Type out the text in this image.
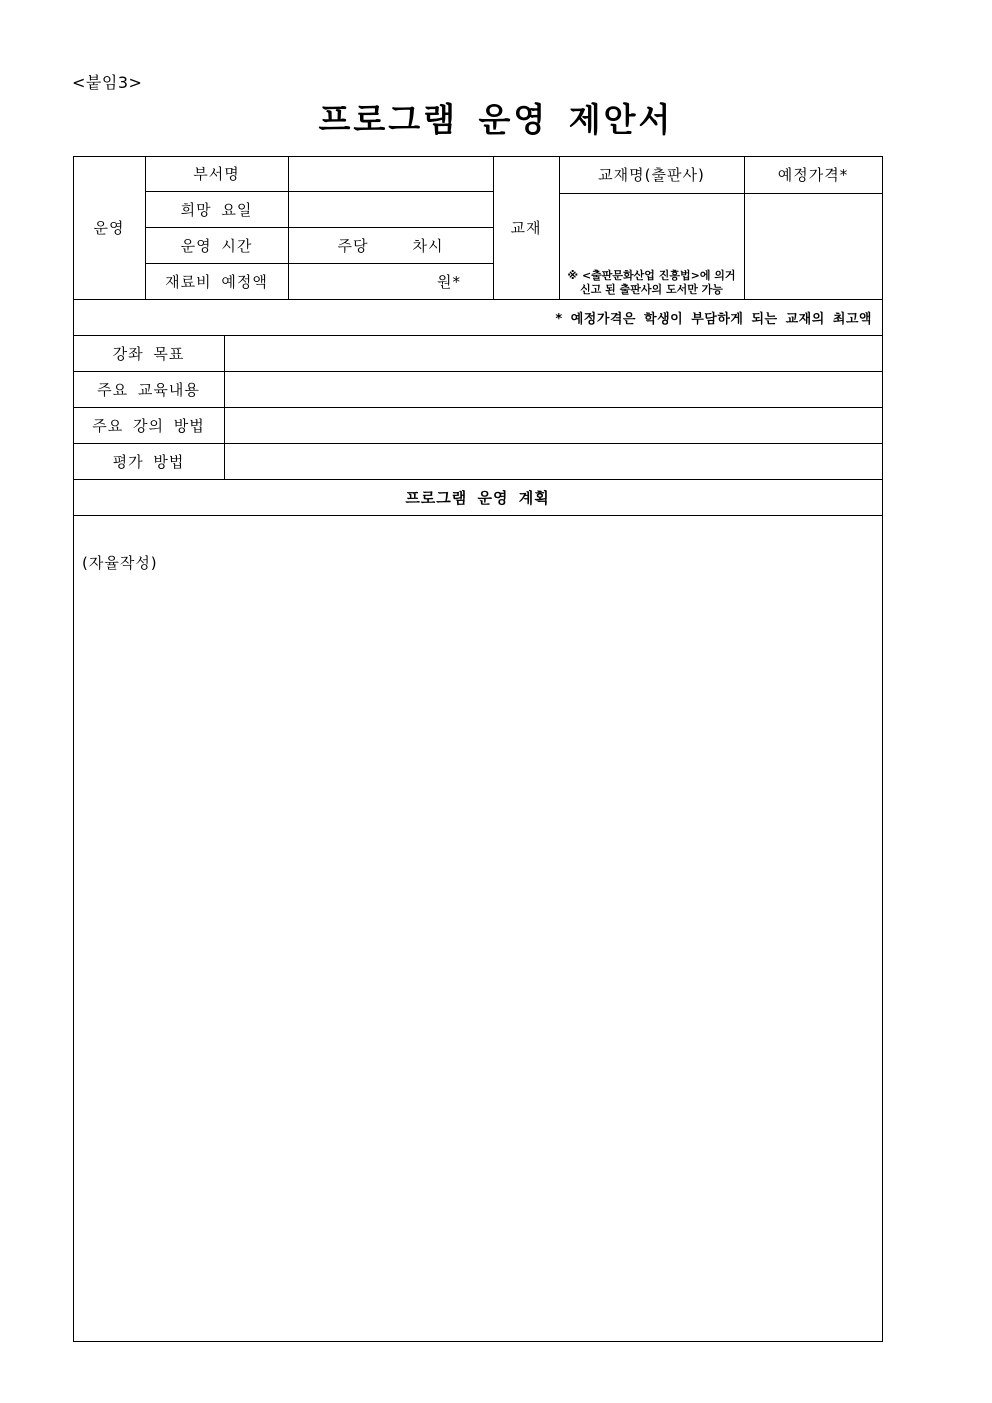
<붙임3>
프로그램 운영 제안서
운영
부서명
희망 요일
운영 시간	주당	차시
재료비 예정액	원*
교재
교재명(출판사)	예정가격*
※ <출판문화산업 진흥법>에 의거
신고 된 출판사의 도서만 가능
* 예정가격은 학생이 부담하게 되는 교재의 최고액
강좌 목표
주요 교육내용
주요 강의 방법
평가 방법
프로그램 운영 계획
(자율작성)
